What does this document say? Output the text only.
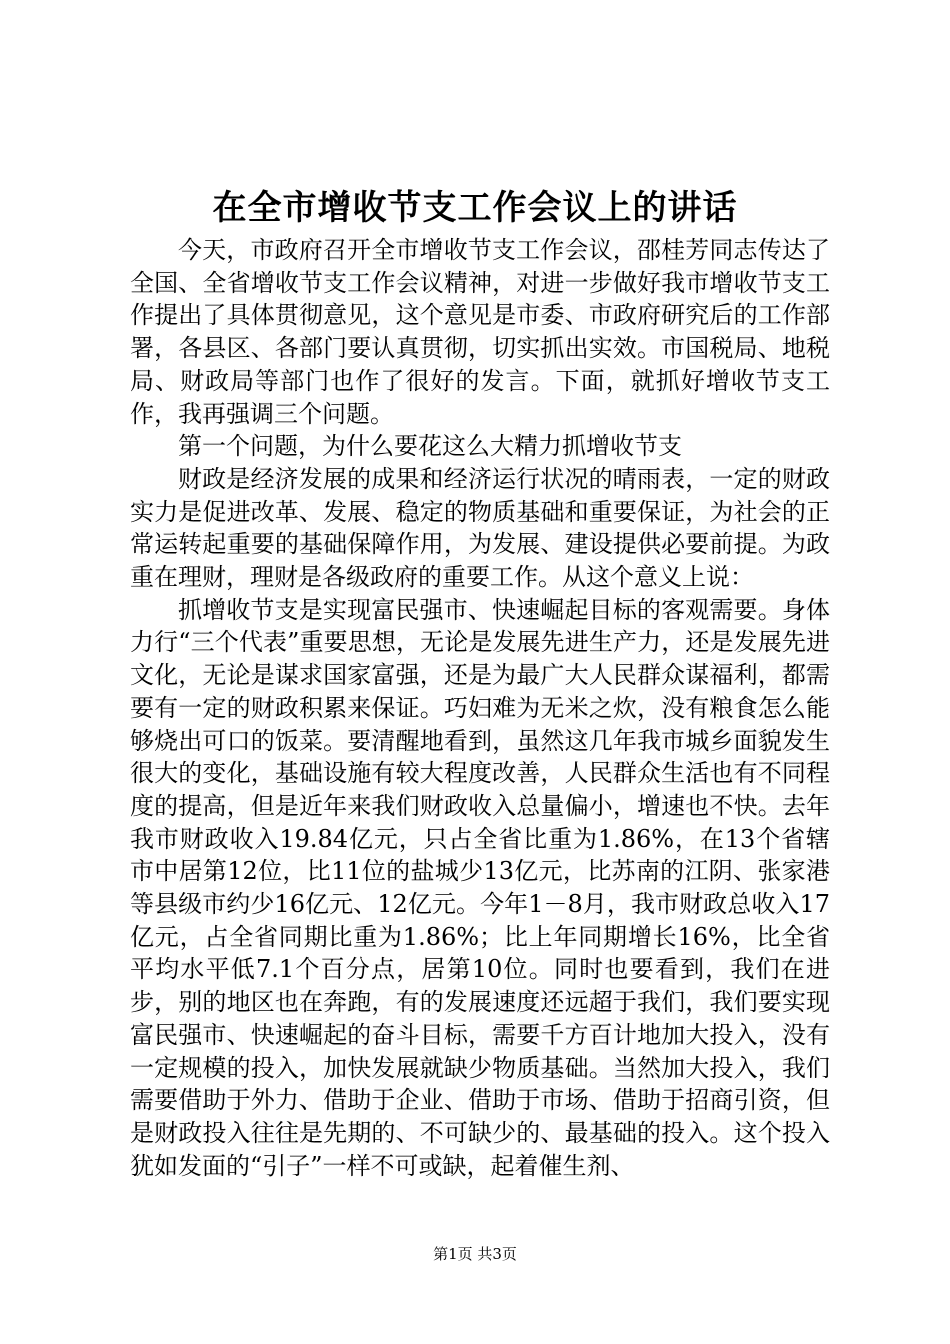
在全市增收节支工作会议上的讲话

今天，市政府召开全市增收节支工作会议，邵桂芳同志传达了全国、全省增收节支工作会议精神，对进一步做好我市增收节支工作提出了具体贯彻意见，这个意见是市委、市政府研究后的工作部署，各县区、各部门要认真贯彻，切实抓出实效。市国税局、地税局、财政局等部门也作了很好的发言。下面，就抓好增收节支工作，我再强调三个问题。

第一个问题，为什么要花这么大精力抓增收节支

财政是经济发展的成果和经济运行状况的晴雨表，一定的财政实力是促进改革、发展、稳定的物质基础和重要保证，为社会的正常运转起重要的基础保障作用，为发展、建设提供必要前提。为政重在理财，理财是各级政府的重要工作。从这个意义上说：

抓增收节支是实现富民强市、快速崛起目标的客观需要。身体力行“三个代表”重要思想，无论是发展先进生产力，还是发展先进文化，无论是谋求国家富强，还是为最广大人民群众谋福利，都需要有一定的财政积累来保证。巧妇难为无米之炊，没有粮食怎么能够烧出可口的饭菜。要清醒地看到，虽然这几年我市城乡面貌发生很大的变化，基础设施有较大程度改善，人民群众生活也有不同程度的提高，但是近年来我们财政收入总量偏小，增速也不快。去年我市财政收入19.84亿元，只占全省比重为1.86%，在13个省辖市中居第12位，比11位的盐城少13亿元，比苏南的江阴、张家港等县级市约少16亿元、12亿元。今年1－8月，我市财政总收入17亿元，占全省同期比重为1.86%；比上年同期增长16%，比全省平均水平低7.1个百分点，居第10位。同时也要看到，我们在进步，别的地区也在奔跑，有的发展速度还远超于我们，我们要实现富民强市、快速崛起的奋斗目标，需要千方百计地加大投入，没有一定规模的投入，加快发展就缺少物质基础。当然加大投入，我们需要借助于外力、借助于企业、借助于市场、借助于招商引资，但是财政投入往往是先期的、不可缺少的、最基础的投入。这个投入犹如发面的“引子”一样不可或缺，起着催生剂、

第1页 共3页
